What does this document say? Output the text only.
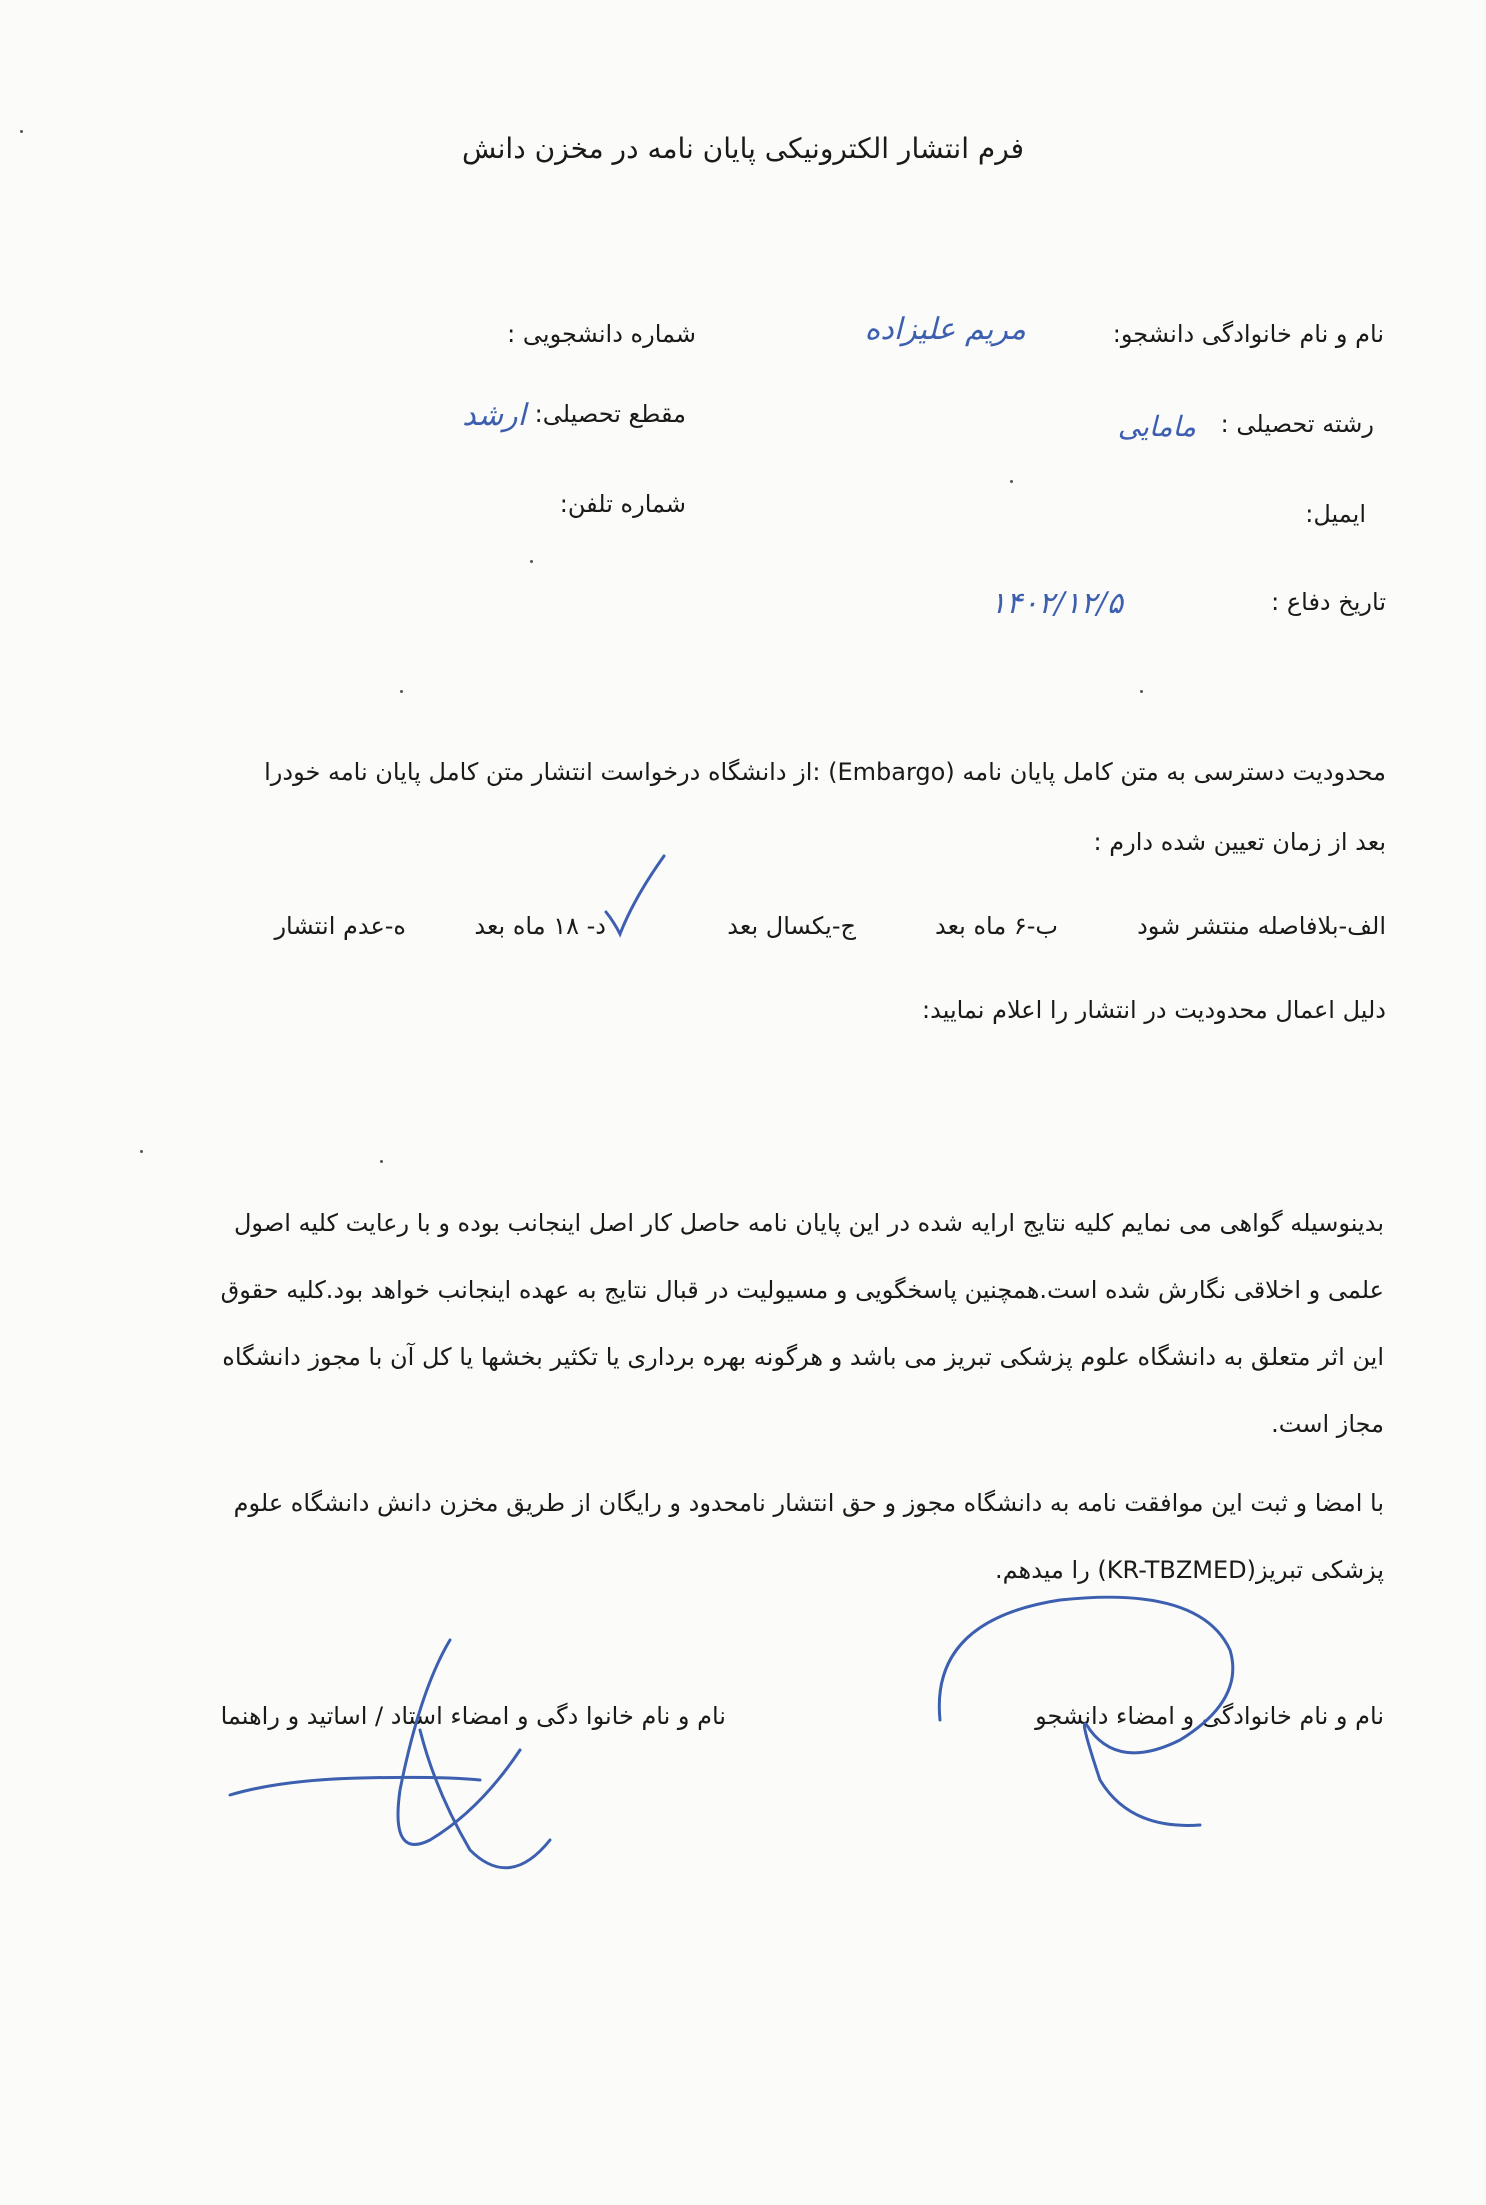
فرم انتشار الکترونیکی پایان نامه در مخزن دانش
نام و نام خانوادگی دانشجو:
مریم علیزاده
شماره دانشجویی :
رشته تحصیلی :
مامایی
مقطع تحصیلی:
ارشد
ایمیل:
شماره تلفن:
تاریخ دفاع :
۱۴۰۲/۱۲/۵
محدودیت دسترسی به متن کامل پایان نامه (Embargo) :از دانشگاه درخواست انتشار متن کامل پایان نامه خودرا
بعد از زمان تعیین شده دارم :
الف-بلافاصله منتشر شود
ب-۶ ماه بعد
ج-یکسال بعد
د- ۱۸ ماه بعد
ه-عدم انتشار
دلیل اعمال محدودیت در انتشار را اعلام نمایید:
بدینوسیله گواهی می نمایم کلیه نتایج ارایه شده در این پایان نامه حاصل کار اصل اینجانب بوده و با رعایت کلیه اصول
علمی و اخلاقی نگارش شده است.همچنین پاسخگویی و مسیولیت در قبال نتایج به عهده اینجانب خواهد بود.کلیه حقوق
این اثر متعلق به دانشگاه علوم پزشکی تبریز می باشد و هرگونه بهره برداری یا تکثیر بخشها یا کل آن با مجوز دانشگاه
مجاز است.
با امضا و ثبت این موافقت نامه به دانشگاه مجوز و حق انتشار نامحدود و رایگان از طریق مخزن دانش دانشگاه علوم
پزشکی تبریز(KR-TBZMED) را میدهم.
نام و نام خانوادگی و امضاء دانشجو
نام و نام خانوا دگی و امضاء استاد / اساتید و راهنما
